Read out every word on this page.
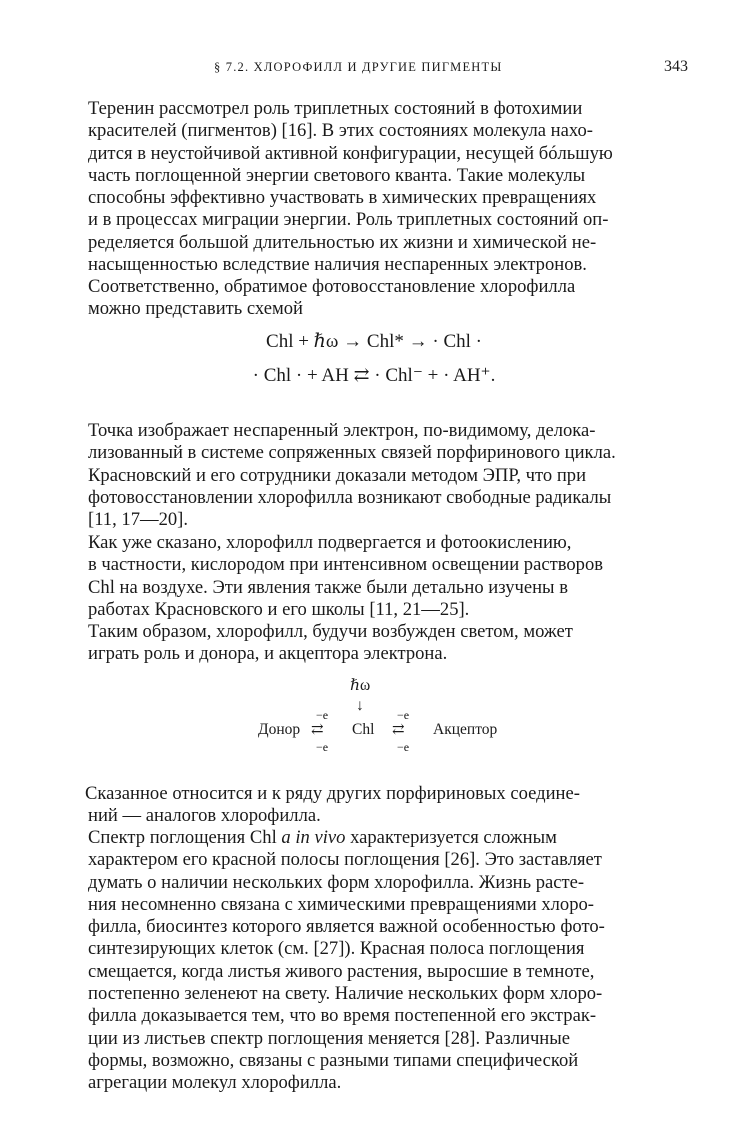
§ 7.2. ХЛОРОФИЛЛ И ДРУГИЕ ПИГМЕНТЫ	343
Теренин рассмотрел роль триплетных состояний в фотохимии
красителей (пигментов) [16]. В этих состояниях молекула нахо-
дится в неустойчивой активной конфигурации, несущей бóльшую
часть поглощенной энергии светового кванта. Такие молекулы
способны эффективно участвовать в химических превращениях
и в процессах миграции энергии. Роль триплетных состояний оп-
ределяется большой длительностью их жизни и химической не-
насыщенностью вследствие наличия неспаренных электронов.
Соответственно, обратимое фотовосстановление хлорофилла
можно представить схемой
Chl + ℏω → Chl* → · Chl ·
· Chl · + AH ⇄ · Chl⁻ + · AH⁺.
Точка изображает неспаренный электрон, по-видимому, делока-
лизованный в системе сопряженных связей порфиринового цикла.
Красновский и его сотрудники доказали методом ЭПР, что при
фотовосстановлении хлорофилла возникают свободные радикалы
[11, 17—20].
Как уже сказано, хлорофилл подвергается и фотоокислению,
в частности, кислородом при интенсивном освещении растворов
Chl на воздухе. Эти явления также были детально изучены в
работах Красновского и его школы [11, 21—25].
Таким образом, хлорофилл, будучи возбужден светом, может
играть роль и донора, и акцептора электрона.
ℏω
↓
−e	−e
Донор ⇄ Chl ⇄ Акцептор
−e	−e
Сказанное относится и к ряду других порфириновых соедине-
ний — аналогов хлорофилла.
Спектр поглощения Chl a in vivo характеризуется сложным
характером его красной полосы поглощения [26]. Это заставляет
думать о наличии нескольких форм хлорофилла. Жизнь расте-
ния несомненно связана с химическими превращениями хлоро-
филла, биосинтез которого является важной особенностью фото-
синтезирующих клеток (см. [27]). Красная полоса поглощения
смещается, когда листья живого растения, выросшие в темноте,
постепенно зеленеют на свету. Наличие нескольких форм хлоро-
филла доказывается тем, что во время постепенной его экстрак-
ции из листьев спектр поглощения меняется [28]. Различные
формы, возможно, связаны с разными типами специфической
агрегации молекул хлорофилла.
